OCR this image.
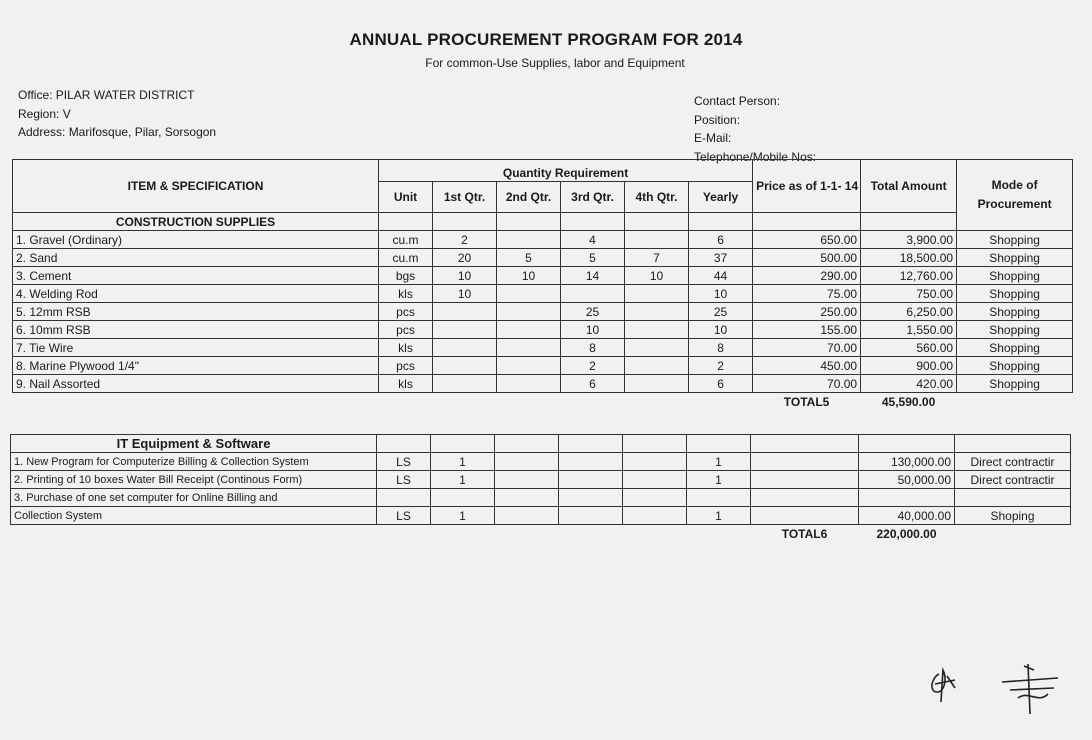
ANNUAL PROCUREMENT PROGRAM FOR 2014
For common-Use Supplies, labor and Equipment
Office: PILAR WATER DISTRICT
Region: V
Address: Marifosque, Pilar, Sorsogon
Contact Person:
Position:
E-Mail:
Telephone/Mobile Nos:
ITEM & SPECIFICATION	Quantity Requirement						Price as of 1-1- 14	Total Amount	Mode of
Procurement	
	Unit	1st Qtr.	2nd Qtr.	3rd Qtr.	4th Qtr.	Yearly				

CONSTRUCTION SUPPLIES										
1. Gravel (Ordinary)	cu.m	2		4		6	650.00	3,900.00	Shopping	
2. Sand	cu.m	20	5	5	7	37	500.00	18,500.00	Shopping	
3. Cement	bgs	10	10	14	10	44	290.00	12,760.00	Shopping	
4. Welding Rod	kls	10				10	75.00	750.00	Shopping	
5. 12mm RSB	pcs			25		25	250.00	6,250.00	Shopping	
6. 10mm RSB	pcs			10		10	155.00	1,550.00	Shopping	
7. Tie Wire	kls			8		8	70.00	560.00	Shopping	
8. Marine Plywood 1/4"	pcs			2		2	450.00	900.00	Shopping	
9. Nail Assorted	kls			6		6	70.00	420.00	Shopping	
							TOTAL5	45,590.00		
IT Equipment & Software									
1. New Program for Computerize Billing & Collection System	LS	1				1		130,000.00	Direct contractir
2. Printing of 10 boxes Water Bill Receipt (Continous Form)	LS	1				1		50,000.00	Direct contractir
3. Purchase of one set computer for Online Billing and									
Collection System	LS	1				1		40,000.00	Shoping
							TOTAL6	220,000.00	
